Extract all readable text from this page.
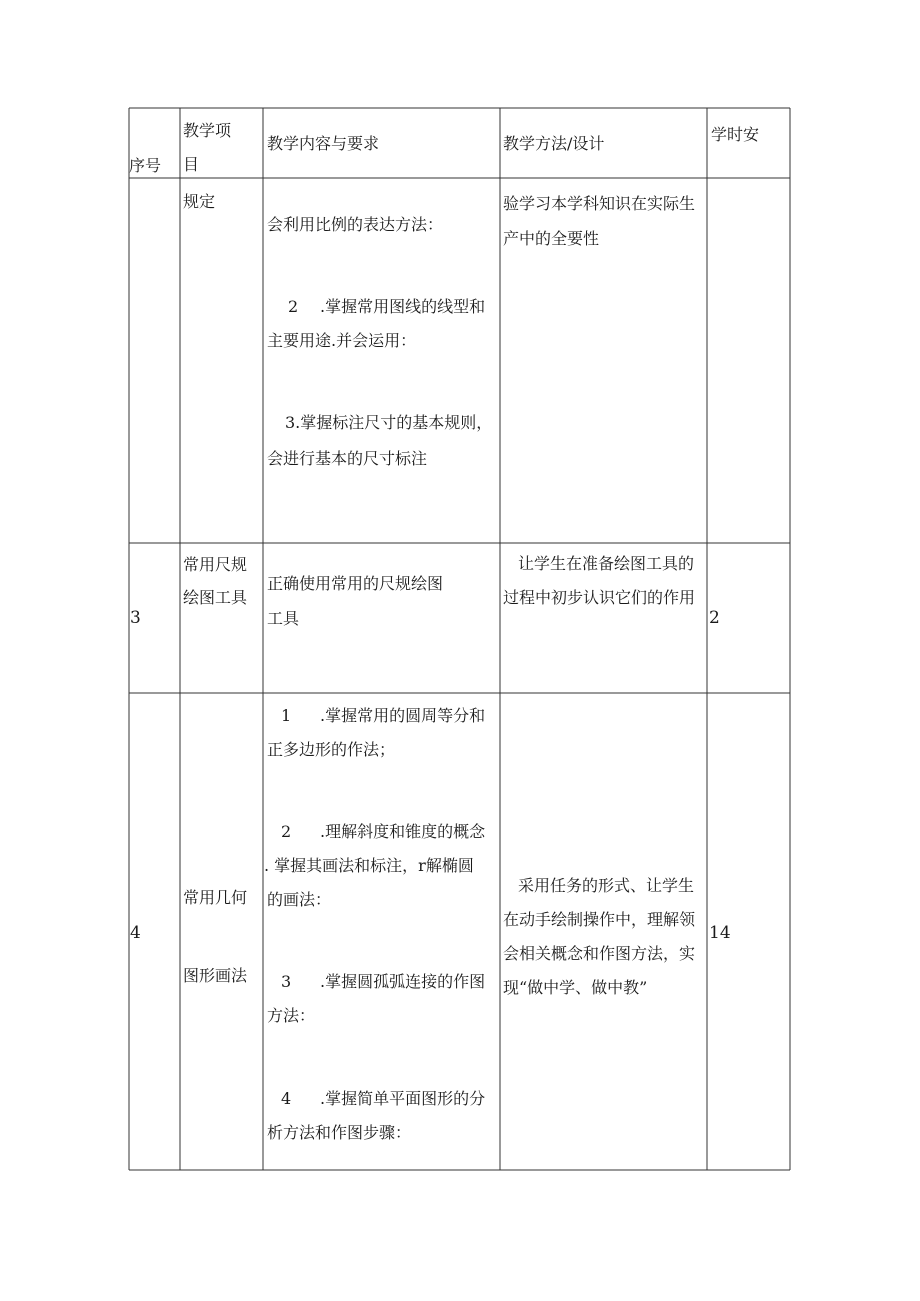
序号
教学项
目
教学内容与要求	教学方法/设计	学时安
规定
会利用比例的表达方法：
2 .掌握常用图线的线型和
主要用途.并会运用：
3.掌握标注尺寸的基本规则，
会进行基本的尺寸标注
验学习本学科知识在实际生
产中的全要性
3
常用尺规
绘图工具
正确使用常用的尺规绘图
工具
让学生在准备绘图工具的
过程中初步认识它们的作用
2
4
常用几何
图形画法
1 .掌握常用的圆周等分和
正多边形的作法；
2 .理解斜度和锥度的概念
. 掌握其画法和标注，r解椭圆
的画法：
3 .掌握圆孤弧连接的作图
方法：
4 .掌握简单平面图形的分
析方法和作图步骤：
采用任务的形式、让学生
在动手绘制操作中，理解领
会相关概念和作图方法，实
现“做中学、做中教”
14
